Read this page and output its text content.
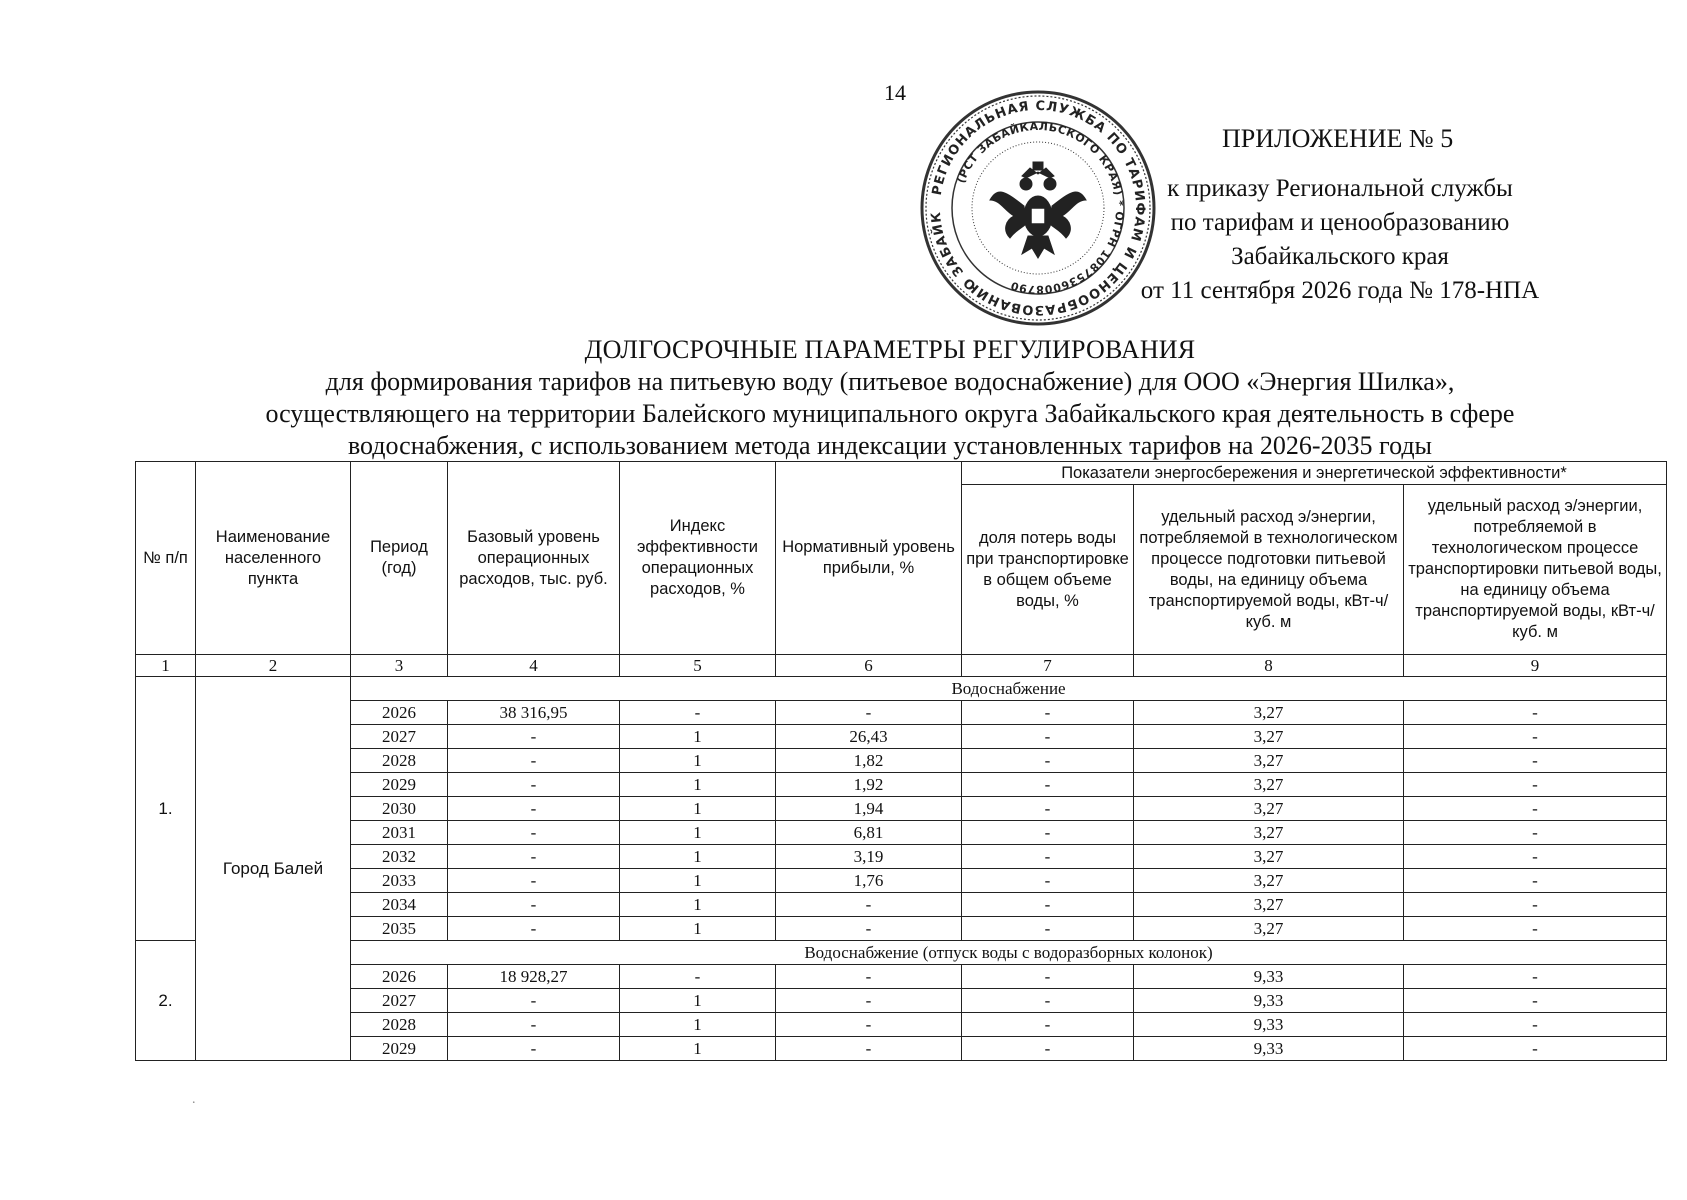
14
РЕГИОНАЛЬНАЯ СЛУЖБА ПО ТАРИФАМ И ЦЕНООБРАЗОВАНИЮ ЗАБАЙК
(РСТ ЗАБАЙКАЛЬСКОГО КРАЯ) * ОГРН 1087536008790
ПРИЛОЖЕНИЕ № 5
к приказу Региональной службы
по тарифам и ценообразованию
Забайкальского края
от 11 сентября 2026 года № 178-НПА
ДОЛГОСРОЧНЫЕ ПАРАМЕТРЫ РЕГУЛИРОВАНИЯ
для формирования тарифов на питьевую воду (питьевое водоснабжение) для ООО «Энергия Шилка»,
осуществляющего на территории Балейского муниципального округа Забайкальского края деятельность в сфере
водоснабжения, с использованием метода индексации установленных тарифов на 2026-2035 годы
№ п/п	Наименование населенного пункта	Период (год)	Базовый уровень операционных расходов, тыс. руб.	Индекс эффективности операционных расходов, %	Нормативный уровень прибыли, %	Показатели энергосбережения и энергетической эффективности*		
						доля потерь воды при транспортировке в общем объеме воды, %	удельный расход э/энергии, потребляемой в технологическом процессе подготовки питьевой воды, на единицу объема транспортируемой воды, кВт-ч/куб. м	удельный расход э/энергии, потребляемой в технологическом процессе транспортировки питьевой воды, на единицу объема транспортируемой воды, кВт-ч/куб. м
1	2	3	4	5	6	7	8	9
1.	Город Балей	Водоснабжение						
		2026	38 316,95	-	-	-	3,27	-
		2027	-	1	26,43	-	3,27	-
		2028	-	1	1,82	-	3,27	-
		2029	-	1	1,92	-	3,27	-
		2030	-	1	1,94	-	3,27	-
		2031	-	1	6,81	-	3,27	-
		2032	-	1	3,19	-	3,27	-
		2033	-	1	1,76	-	3,27	-
		2034	-	1	-	-	3,27	-
		2035	-	1	-	-	3,27	-
2.		Водоснабжение (отпуск воды с водоразборных колонок)						
		2026	18 928,27	-	-	-	9,33	-
		2027	-	1	-	-	9,33	-
		2028	-	1	-	-	9,33	-
		2029	-	1	-	-	9,33	-
.
